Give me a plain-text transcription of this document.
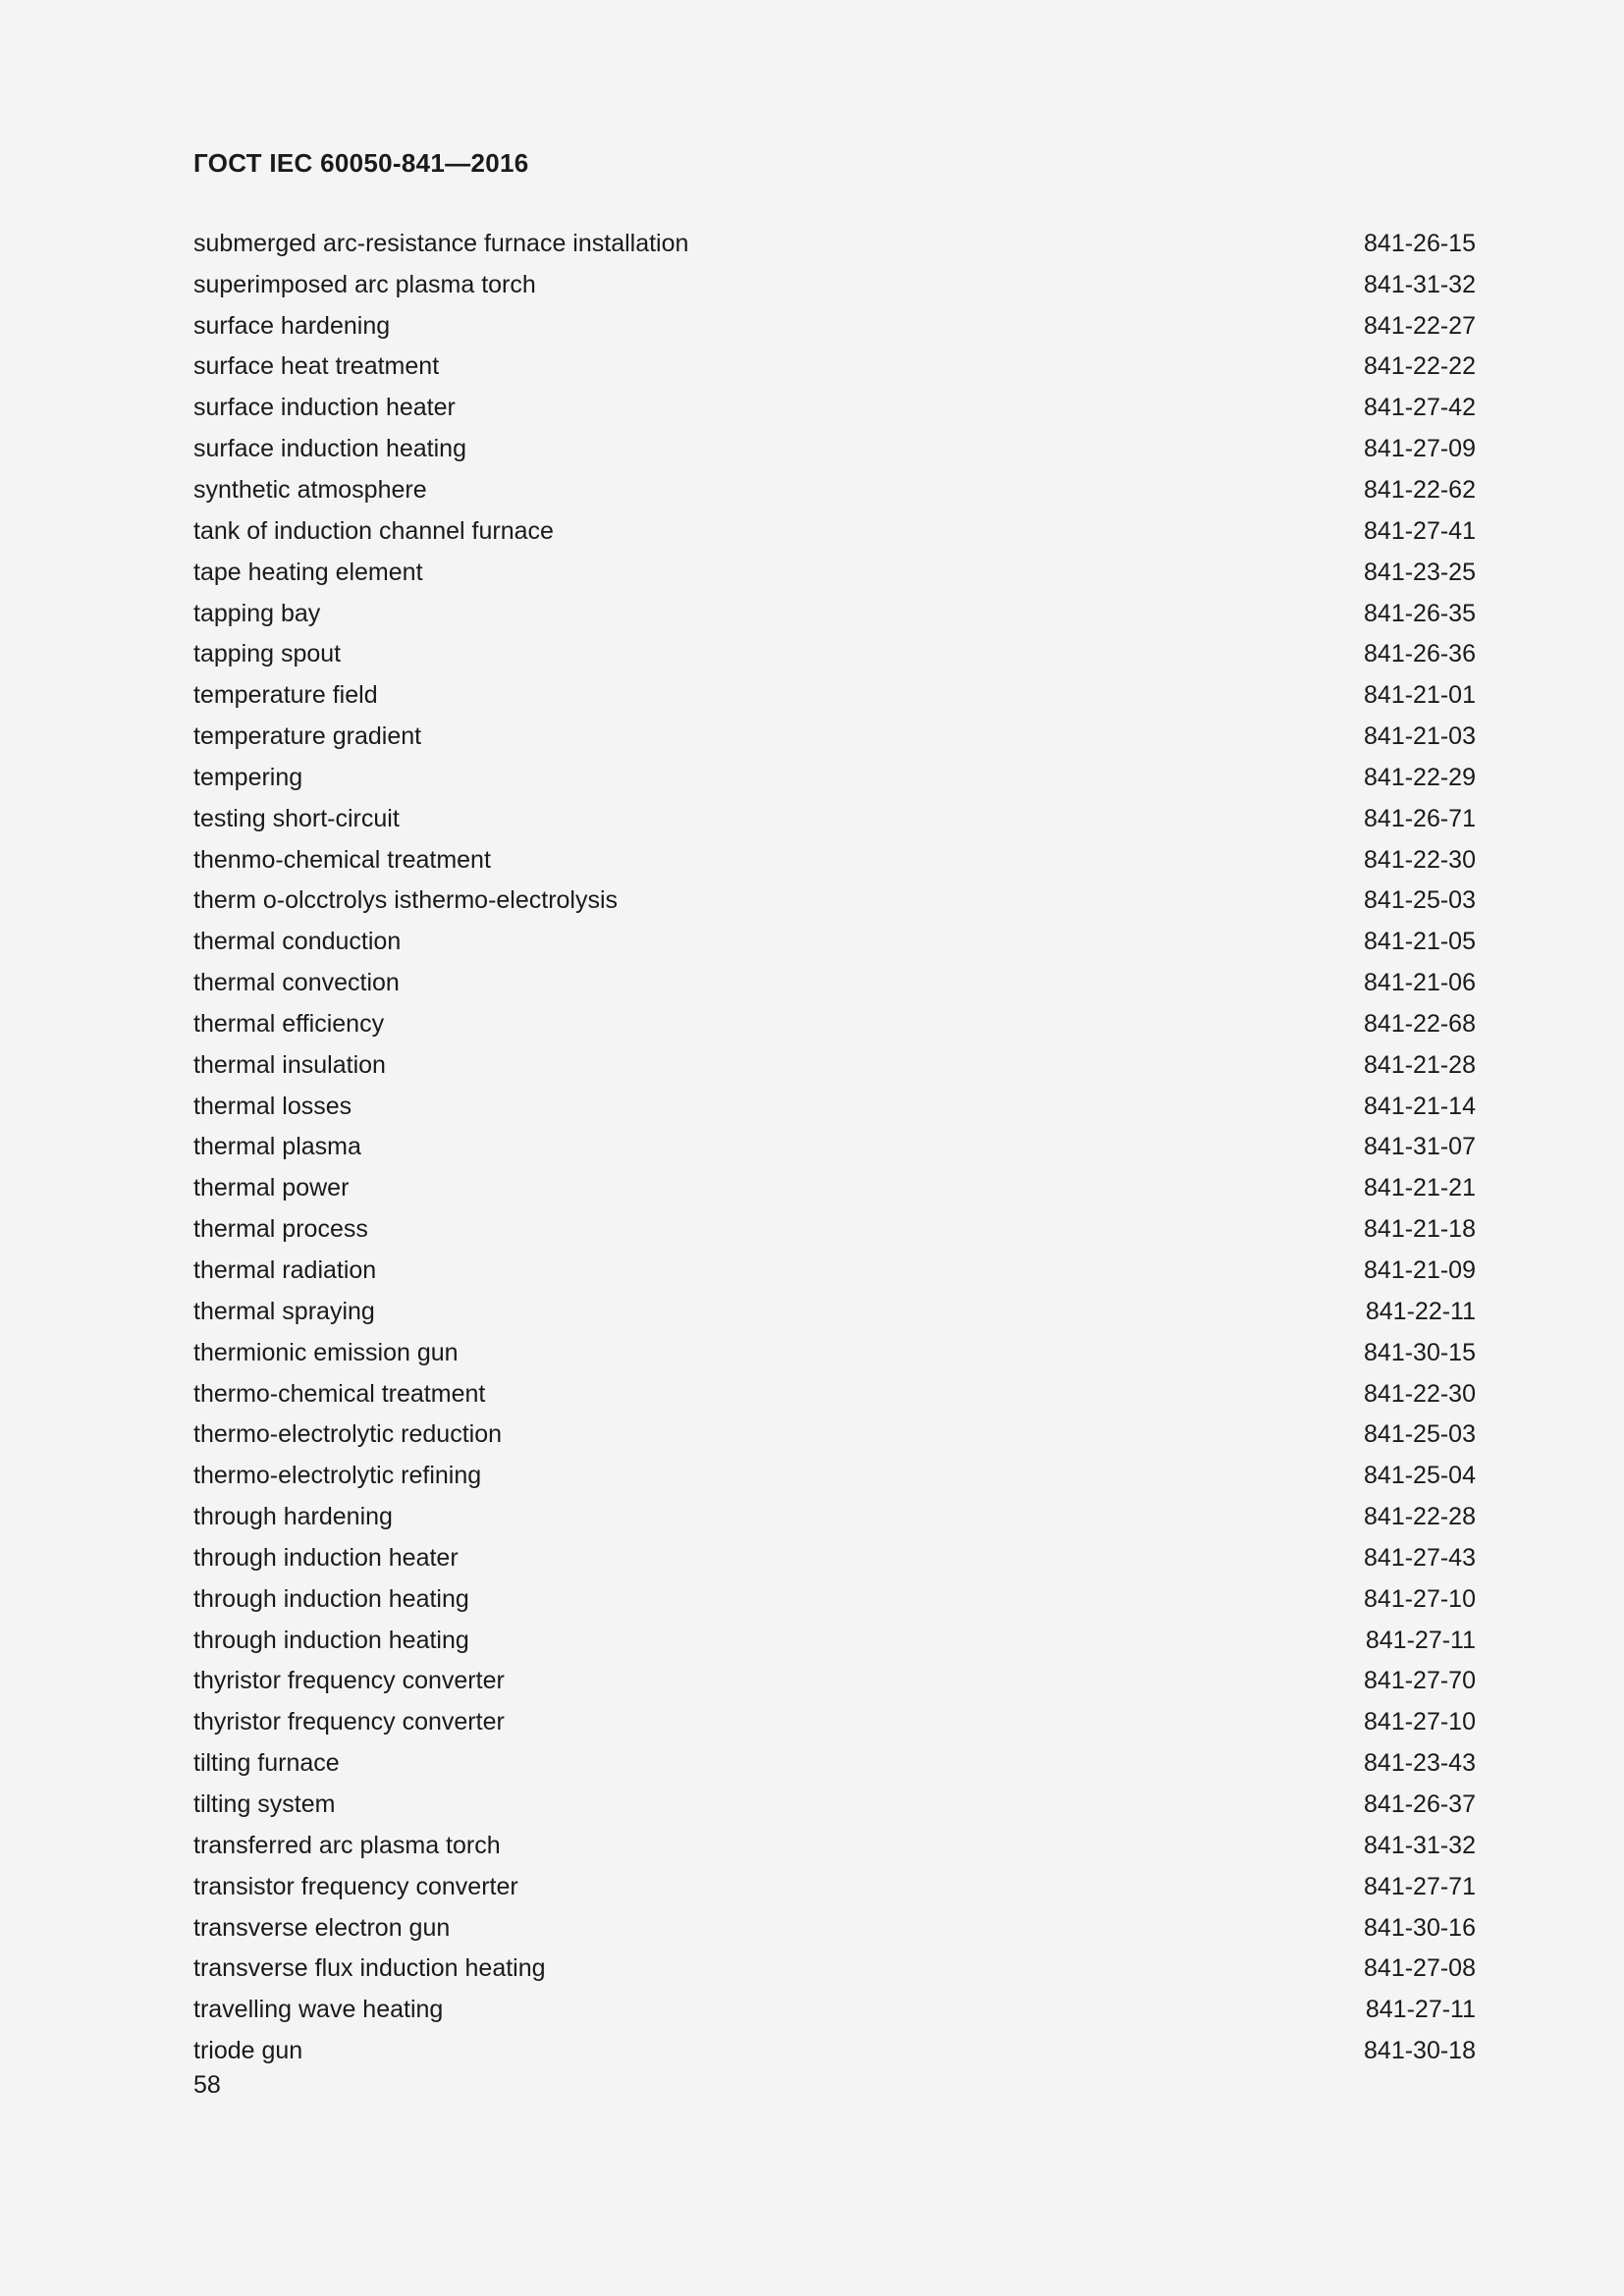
ГОСТ IEC 60050-841—2016
submerged arc-resistance furnace installation	841-26-15
superimposed arc plasma torch	841-31-32
surface hardening	841-22-27
surface heat treatment	841-22-22
surface induction heater	841-27-42
surface induction heating	841-27-09
synthetic atmosphere	841-22-62
tank of induction channel furnace	841-27-41
tape heating element	841-23-25
tapping bay	841-26-35
tapping spout	841-26-36
temperature field	841-21-01
temperature gradient	841-21-03
tempering	841-22-29
testing short-circuit	841-26-71
thenmo-chemical treatment	841-22-30
therm o-olcctrolys isthermo-electrolysis	841-25-03
thermal conduction	841-21-05
thermal convection	841-21-06
thermal efficiency	841-22-68
thermal insulation	841-21-28
thermal losses	841-21-14
thermal plasma	841-31-07
thermal power	841-21-21
thermal process	841-21-18
thermal radiation	841-21-09
thermal spraying	841-22-11
thermionic emission gun	841-30-15
thermo-chemical treatment	841-22-30
thermo-electrolytic reduction	841-25-03
thermo-electrolytic refining	841-25-04
through hardening	841-22-28
through induction heater	841-27-43
through induction heating	841-27-10
through induction heating	841-27-11
thyristor frequency converter	841-27-70
thyristor frequency converter	841-27-10
tilting furnace	841-23-43
tilting system	841-26-37
transferred arc plasma torch	841-31-32
transistor frequency converter	841-27-71
transverse electron gun	841-30-16
transverse flux induction heating	841-27-08
travelling wave heating	841-27-11
triode gun	841-30-18
58
